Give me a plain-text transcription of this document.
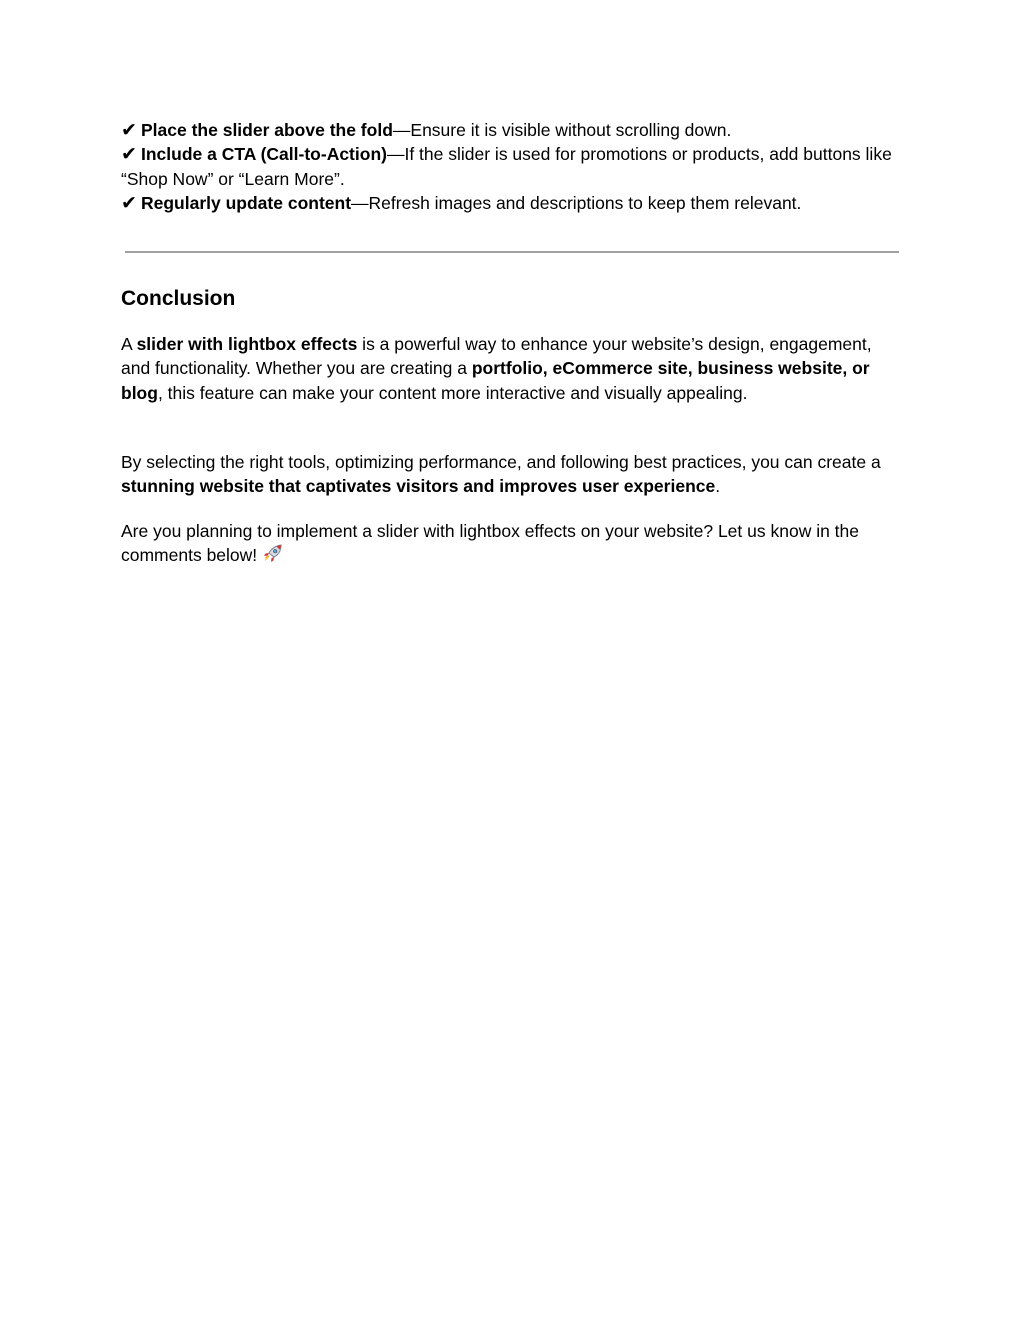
✔ Place the slider above the fold—Ensure it is visible without scrolling down.
✔ Include a CTA (Call-to-Action)—If the slider is used for promotions or products, add buttons like “Shop Now” or “Learn More”.
✔ Regularly update content—Refresh images and descriptions to keep them relevant.
Conclusion

A slider with lightbox effects is a powerful way to enhance your website’s design, engagement, and functionality. Whether you are creating a portfolio, eCommerce site, business website, or blog, this feature can make your content more interactive and visually appealing.

By selecting the right tools, optimizing performance, and following best practices, you can create a stunning website that captivates visitors and improves user experience.

Are you planning to implement a slider with lightbox effects on your website? Let us know in the comments below!
